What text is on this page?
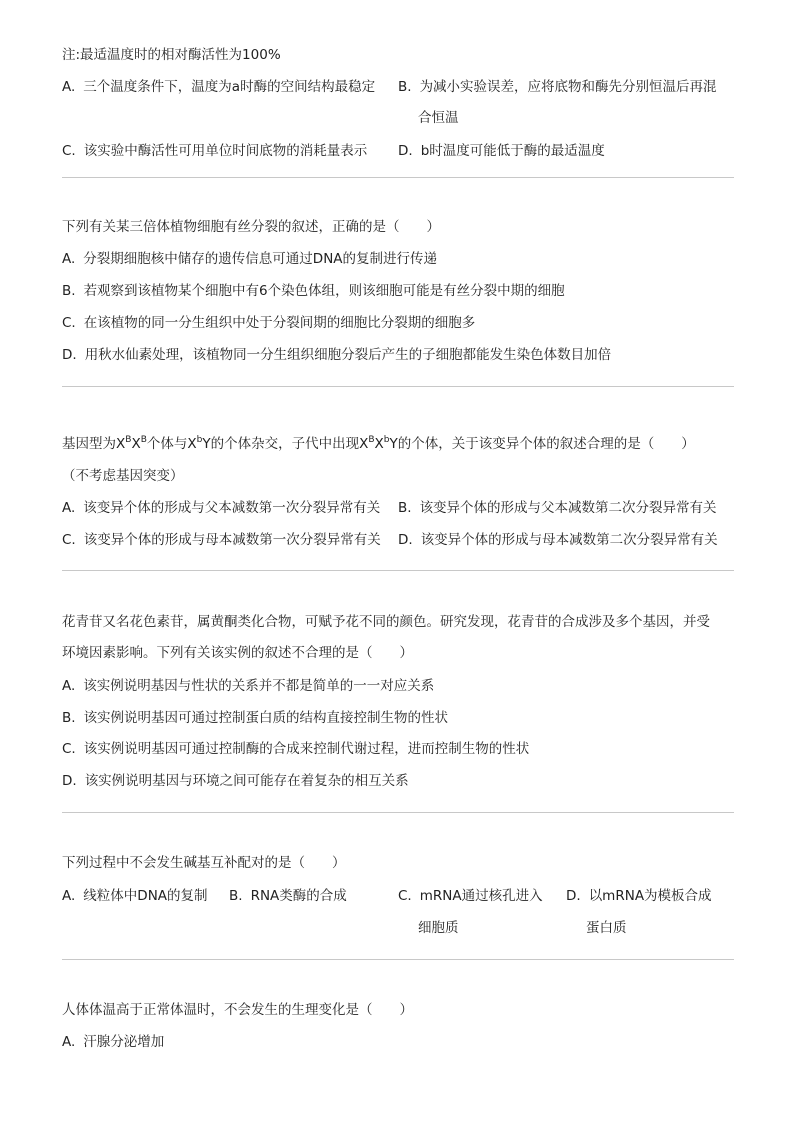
注:最适温度时的相对酶活性为100%
A. 三个温度条件下，温度为a时酶的空间结构最稳定 B. 为减小实验误差，应将底物和酶先分别恒温后再混
合恒温
C. 该实验中酶活性可用单位时间底物的消耗量表示 D. b时温度可能低于酶的最适温度
下列有关某三倍体植物细胞有丝分裂的叙述，正确的是（　　）
A. 分裂期细胞核中储存的遗传信息可通过DNA的复制进行传递
B. 若观察到该植物某个细胞中有6个染色体组，则该细胞可能是有丝分裂中期的细胞
C. 在该植物的同一分生组织中处于分裂间期的细胞比分裂期的细胞多
D. 用秋水仙素处理，该植物同一分生组织细胞分裂后产生的子细胞都能发生染色体数目加倍
基因型为$X^BX^B$个体与$X^bY$的个体杂交，子代中出现$X^BX^bY$的个体，关于该变异个体的叙述合理的是（　　）
（不考虑基因突变）
A. 该变异个体的形成与父本减数第一次分裂异常有关 B. 该变异个体的形成与父本减数第二次分裂异常有关
C. 该变异个体的形成与母本减数第一次分裂异常有关 D. 该变异个体的形成与母本减数第二次分裂异常有关
花青苷又名花色素苷，属黄酮类化合物，可赋予花不同的颜色。研究发现，花青苷的合成涉及多个基因，并受
环境因素影响。下列有关该实例的叙述不合理的是（　　）
A. 该实例说明基因与性状的关系并不都是简单的一一对应关系
B. 该实例说明基因可通过控制蛋白质的结构直接控制生物的性状
C. 该实例说明基因可通过控制酶的合成来控制代谢过程，进而控制生物的性状
D. 该实例说明基因与环境之间可能存在着复杂的相互关系
下列过程中不会发生碱基互补配对的是（　　）
A. 线粒体中DNA的复制 B. RNA类酶的合成	C. mRNA通过核孔进入
细胞质
D. 以mRNA为模板合成
蛋白质
人体体温高于正常体温时，不会发生的生理变化是（　　）
A. 汗腺分泌增加
